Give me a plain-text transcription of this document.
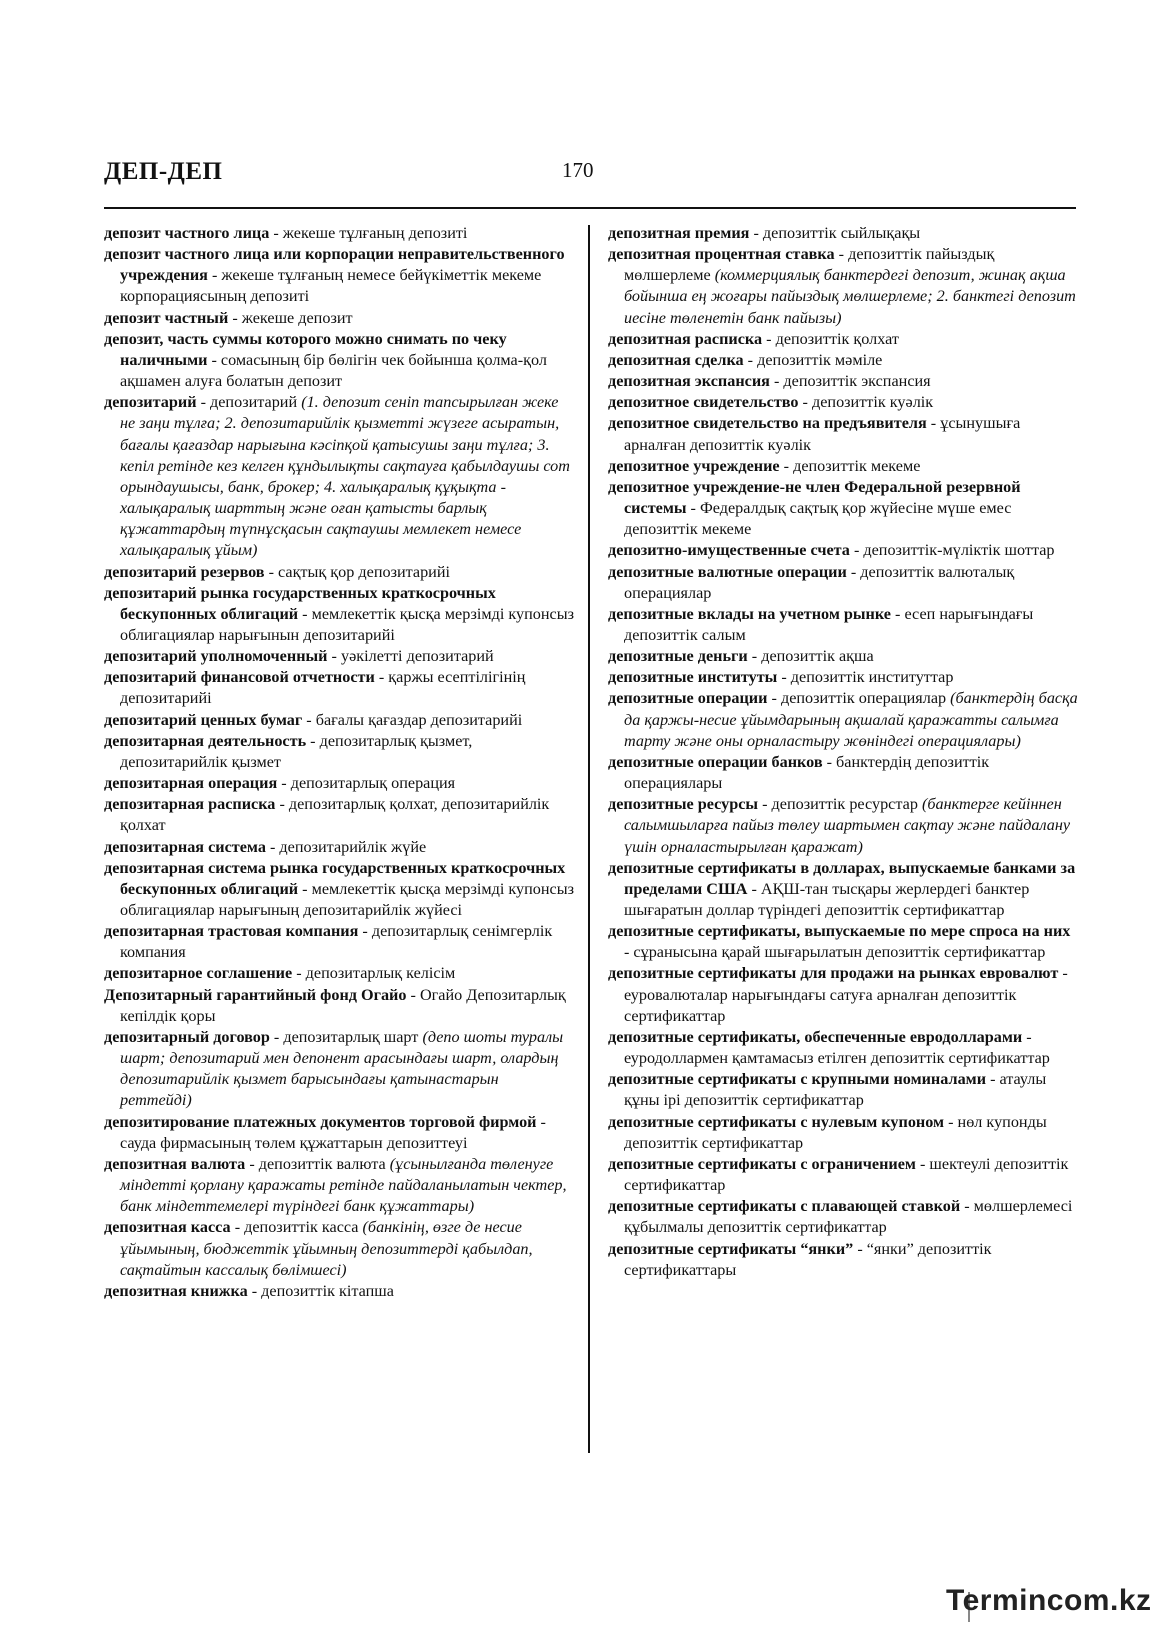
ДЕП-ДЕП	170

депозит частного лица - жекеше тұлғаның депозиті

депозит частного лица или корпорации неправительственного учреждения - жекеше тұлғаның немесе бейүкіметтік мекеме корпорациясының депозиті

депозит частный - жекеше депозит

депозит, часть суммы которого можно снимать по чеку наличными - сомасының бір бөлігін чек бойынша қолма-қол ақшамен алуға болатын депозит

депозитарий - депозитарий (1. депозит сеніп тапсырылған жеке не заңи тұлға; 2. депозитарийлік қызметті жүзеге асыратын, бағалы қағаздар нарығына кәсіпқой қатысушы заңи тұлға; 3. кепіл ретінде кез келген құндылықты сақтауға қабылдаушы сот орындаушысы, банк, брокер; 4. халықаралық құқықта - халықаралық шарттың және оған қатысты барлық құжаттардың түпнұсқасын сақтаушы мемлекет немесе халықаралық ұйым)

депозитарий резервов - сақтық қор депозитарийі

депозитарий рынка государственных краткосрочных бескупонных облигаций - мемлекеттік қысқа мерзімді купонсыз облигациялар нарығынын депозитарийі

депозитарий уполномоченный - уәкілетті депозитарий

депозитарий финансовой отчетности - қаржы есептілігінің депозитарийі

депозитарий ценных бумаг - бағалы қағаздар депозитарийі

депозитарная деятельность - депозитарлық қызмет, депозитарийлік қызмет

депозитарная операция - депозитарлық операция

депозитарная расписка - депозитарлық қолхат, депозитарийлік қолхат

депозитарная система - депозитарийлік жүйе

депозитарная система рынка государственных краткосрочных бескупонных облигаций - мемлекеттік қысқа мерзімді купонсыз облигациялар нарығының депозитарийлік жүйесі

депозитарная трастовая компания - депозитарлық сенімгерлік компания

депозитарное соглашение - депозитарлық келісім

Депозитарный гарантийный фонд Огайо - Огайо Депозитарлық кепілдік қоры

депозитарный договор - депозитарлық шарт (депо шоты туралы шарт; депозитарий мен депонент арасындағы шарт, олардың депозитарийлік қызмет барысындағы қатынастарын реттейді)

депозитирование платежных документов торговой фирмой - сауда фирмасының төлем құжаттарын депозиттеуі

депозитная валюта - депозиттік валюта (ұсынылғанда төленуге міндетті қорлану қаражаты ретінде пайдаланылатын чектер, банк міндеттемелері түріндегі банк құжаттары)

депозитная касса - депозиттік касса (банкінің, өзге де несие ұйымының, бюджеттік ұйымның депозиттерді қабылдап, сақтайтын кассалық бөлімшесі)

депозитная книжка - депозиттік кітапша

депозитная премия - депозиттік сыйлықақы

депозитная процентная ставка - депозиттік пайыздық мөлшерлеме (коммерциялық банктердегі депозит, жинақ ақша бойынша ең жоғары пайыздық мөлшерлеме; 2. банктегі депозит иесіне төленетін банк пайызы)

депозитная расписка - депозиттік қолхат

депозитная сделка - депозиттік мәміле

депозитная экспансия - депозиттік экспансия

депозитное свидетельство - депозиттік куәлік

депозитное свидетельство на предъявителя - ұсынушыға арналған депозиттік куәлік

депозитное учреждение - депозиттік мекеме

депозитное учреждение-не член Федеральной резервной системы - Федералдық сақтық қор жүйесіне мүше емес депозиттік мекеме

депозитно-имущественные счета - депозиттік-мүліктік шоттар

депозитные валютные операции - депозиттік валюталық операциялар

депозитные вклады на учетном рынке - есеп нарығындағы депозиттік салым

депозитные деньги - депозиттік ақша

депозитные институты - депозиттік институттар

депозитные операции - депозиттік операциялар (банктердің басқа да қаржы-несие ұйымдарының ақшалай қаражатты салымға тарту және оны орналастыру жөніндегі операциялары)

депозитные операции банков - банктердің депозиттік операциялары

депозитные ресурсы - депозиттік ресурстар (банктерге кейіннен салымшыларға пайыз төлеу шартымен сақтау және пайдалану үшін орналастырылған қаражат)

депозитные сертификаты в долларах, выпускаемые банками за пределами США - АҚШ-тан тысқары жерлердегі банктер шығаратын доллар түріндегі депозиттік сертификаттар

депозитные сертификаты, выпускаемые по мере спроса на них - сұранысына қарай шығарылатын депозиттік сертификаттар

депозитные сертификаты для продажи на рынках евровалют - еуровалюталар нарығындағы сатуға арналған депозиттік сертификаттар

депозитные сертификаты, обеспеченные евродолларами - еуродоллармен қамтамасыз етілген депозиттік сертификаттар

депозитные сертификаты с крупными номиналами - атаулы құны ірі депозиттік сертификаттар

депозитные сертификаты с нулевым купоном - нөл купонды депозиттік сертификаттар

депозитные сертификаты с ограничением - шектеулі депозиттік сертификаттар

депозитные сертификаты с плавающей ставкой - мөлшерлемесі құбылмалы депозиттік сертификаттар

депозитные сертификаты “янки” - “янки” депозиттік сертификаттары

Termincom.kz
